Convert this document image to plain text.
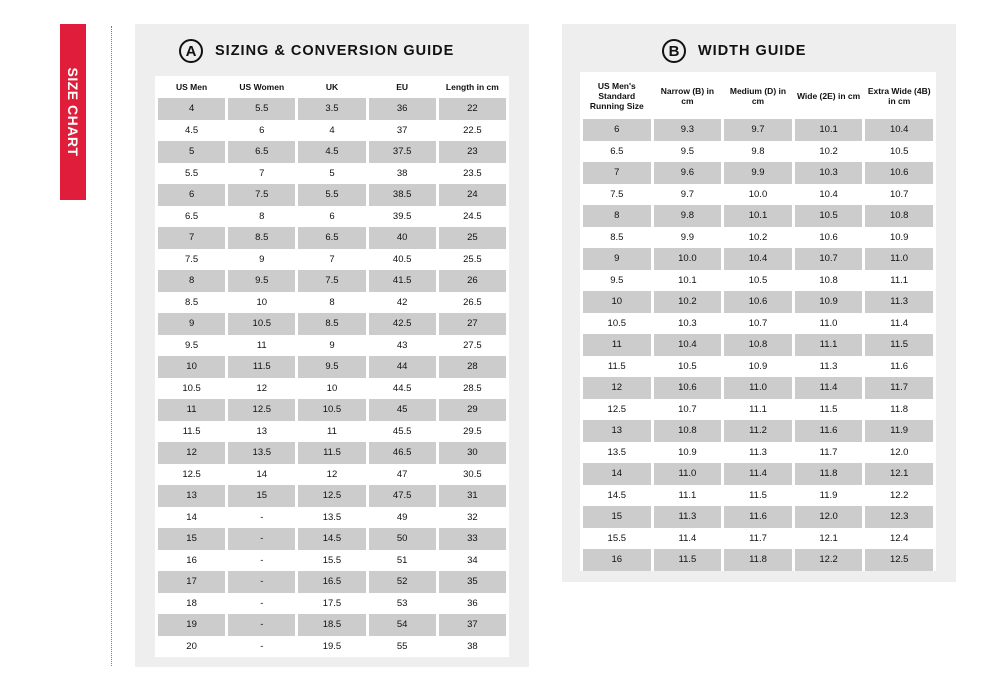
SIZE CHART
A	SIZING & CONVERSION GUIDE
US Men	US Women	UK	EU	Length in cm
4	5.5	3.5	36	22
4.5	6	4	37	22.5
5	6.5	4.5	37.5	23
5.5	7	5	38	23.5
6	7.5	5.5	38.5	24
6.5	8	6	39.5	24.5
7	8.5	6.5	40	25
7.5	9	7	40.5	25.5
8	9.5	7.5	41.5	26
8.5	10	8	42	26.5
9	10.5	8.5	42.5	27
9.5	11	9	43	27.5
10	11.5	9.5	44	28
10.5	12	10	44.5	28.5
11	12.5	10.5	45	29
11.5	13	11	45.5	29.5
12	13.5	11.5	46.5	30
12.5	14	12	47	30.5
13	15	12.5	47.5	31
14	-	13.5	49	32
15	-	14.5	50	33
16	-	15.5	51	34
17	-	16.5	52	35
18	-	17.5	53	36
19	-	18.5	54	37
20	-	19.5	55	38
B	WIDTH GUIDE
US Men's Standard Running Size	Narrow (B) in cm	Medium (D) in cm	Wide (2E) in cm	Extra Wide (4B) in cm
6	9.3	9.7	10.1	10.4
6.5	9.5	9.8	10.2	10.5
7	9.6	9.9	10.3	10.6
7.5	9.7	10.0	10.4	10.7
8	9.8	10.1	10.5	10.8
8.5	9.9	10.2	10.6	10.9
9	10.0	10.4	10.7	11.0
9.5	10.1	10.5	10.8	11.1
10	10.2	10.6	10.9	11.3
10.5	10.3	10.7	11.0	11.4
11	10.4	10.8	11.1	11.5
11.5	10.5	10.9	11.3	11.6
12	10.6	11.0	11.4	11.7
12.5	10.7	11.1	11.5	11.8
13	10.8	11.2	11.6	11.9
13.5	10.9	11.3	11.7	12.0
14	11.0	11.4	11.8	12.1
14.5	11.1	11.5	11.9	12.2
15	11.3	11.6	12.0	12.3
15.5	11.4	11.7	12.1	12.4
16	11.5	11.8	12.2	12.5
